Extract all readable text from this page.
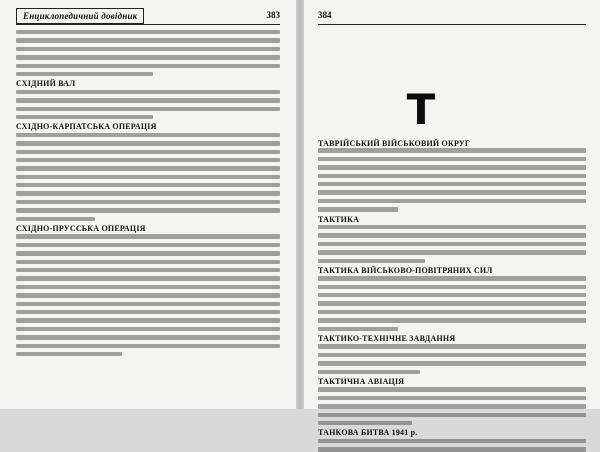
Енциклопедичний довідник	383
СХІДНИЙ ВАЛ
СХІДНО-КАРПАТСЬКА ОПЕРАЦІЯ
СХІДНО-ПРУССЬКА ОПЕРАЦІЯ
384
Т
ТАВРІЙСЬКИЙ ВІЙСЬКОВИЙ ОКРУГ
ТАКТИКА
ТАКТИКА ВІЙСЬКОВО-ПОВІТРЯНИХ СИЛ
ТАКТИКО-ТЕХНІЧНЕ ЗАВДАННЯ
ТАКТИЧНА АВІАЦІЯ
ТАНКОВА БИТВА 1941 р.
